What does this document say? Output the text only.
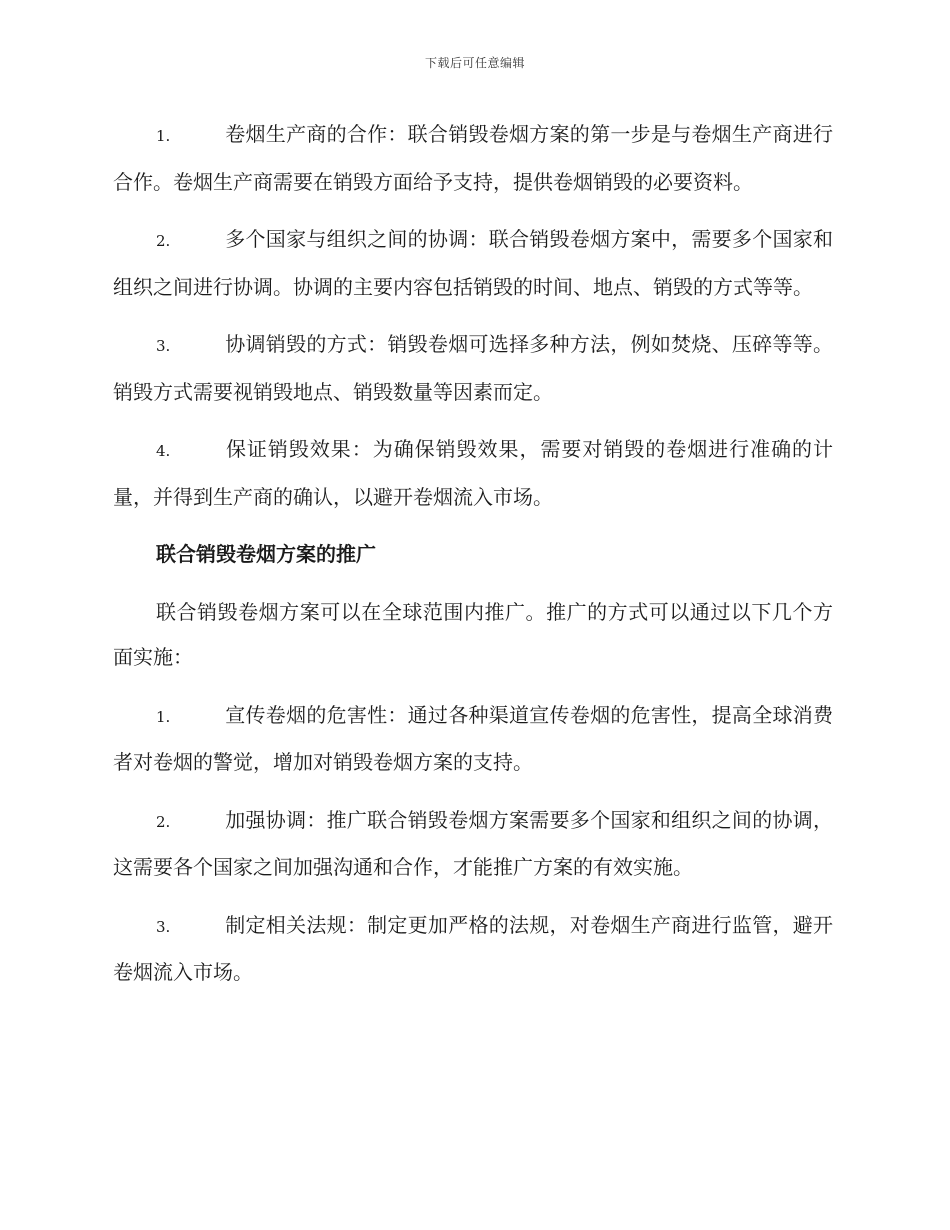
下载后可任意编辑
1.	卷烟生产商的合作：联合销毁卷烟方案的第一步是与卷烟生产商进行合作。卷烟生产商需要在销毁方面给予支持，提供卷烟销毁的必要资料。
2.	多个国家与组织之间的协调：联合销毁卷烟方案中，需要多个国家和组织之间进行协调。协调的主要内容包括销毁的时间、地点、销毁的方式等等。
3.	协调销毁的方式：销毁卷烟可选择多种方法，例如焚烧、压碎等等。销毁方式需要视销毁地点、销毁数量等因素而定。
4.	保证销毁效果：为确保销毁效果，需要对销毁的卷烟进行准确的计量，并得到生产商的确认，以避开卷烟流入市场。
联合销毁卷烟方案的推广
联合销毁卷烟方案可以在全球范围内推广。推广的方式可以通过以下几个方面实施：
1.	宣传卷烟的危害性：通过各种渠道宣传卷烟的危害性，提高全球消费者对卷烟的警觉，增加对销毁卷烟方案的支持。
2.	加强协调：推广联合销毁卷烟方案需要多个国家和组织之间的协调，这需要各个国家之间加强沟通和合作，才能推广方案的有效实施。
3.	制定相关法规：制定更加严格的法规，对卷烟生产商进行监管，避开卷烟流入市场。
